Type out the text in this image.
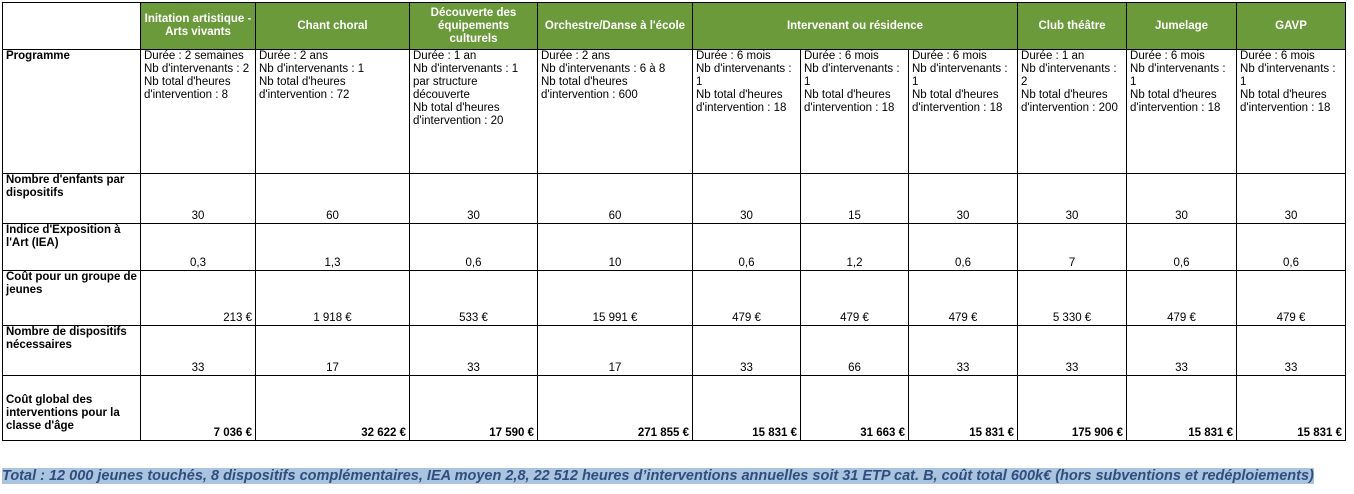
	Initation artistique - Arts vivants	Chant choral	Découverte des équipements culturels	Orchestre/Danse à l'école	Intervenant ou résidence			Club théâtre	Jumelage	GAVP
Programme	Durée : 2 semaines
Nb d'intervenants : 2
Nb total d'heures d'intervention : 8	Durée : 2 ans
Nb d'intervenants : 1
Nb total d'heures d'intervention : 72	Durée : 1 an
Nb d'intervenants : 1 par structure découverte
Nb total d'heures d'intervention : 20	Durée : 2 ans
Nb d'intervenants : 6 à 8
Nb total d'heures d'intervention : 600	Durée : 6 mois
Nb d'intervenants : 1
Nb total d'heures d'intervention : 18	Durée : 6 mois
Nb d'intervenants : 1
Nb total d'heures d'intervention : 18	Durée : 6 mois
Nb d'intervenants : 1
Nb total d'heures d'intervention : 18	Durée : 1 an
Nb d'intervenants : 2
Nb total d'heures d'intervention : 200	Durée : 6 mois
Nb d'intervenants : 1
Nb total d'heures d'intervention : 18	Durée : 6 mois
Nb d'intervenants : 1
Nb total d'heures d'intervention : 18
Nombre d'enfants par dispositifs	30	60	30	60	30	15	30	30	30	30
Indice d'Exposition à l'Art (IEA)	0,3	1,3	0,6	10	0,6	1,2	0,6	7	0,6	0,6
Coût pour un groupe de jeunes	213 €	1 918 €	533 €	15 991 €	479 €	479 €	479 €	5 330 €	479 €	479 €
Nombre de dispositifs nécessaires	33	17	33	17	33	66	33	33	33	33
Coût global des interventions pour la classe d'âge	7 036 €	32 622 €	17 590 €	271 855 €	15 831 €	31 663 €	15 831 €	175 906 €	15 831 €	15 831 €
Total : 12 000 jeunes touchés, 8 dispositifs complémentaires, IEA moyen 2,8, 22 512 heures d’interventions annuelles soit 31 ETP cat. B, coût total 600k€ (hors subventions et redéploiements)
